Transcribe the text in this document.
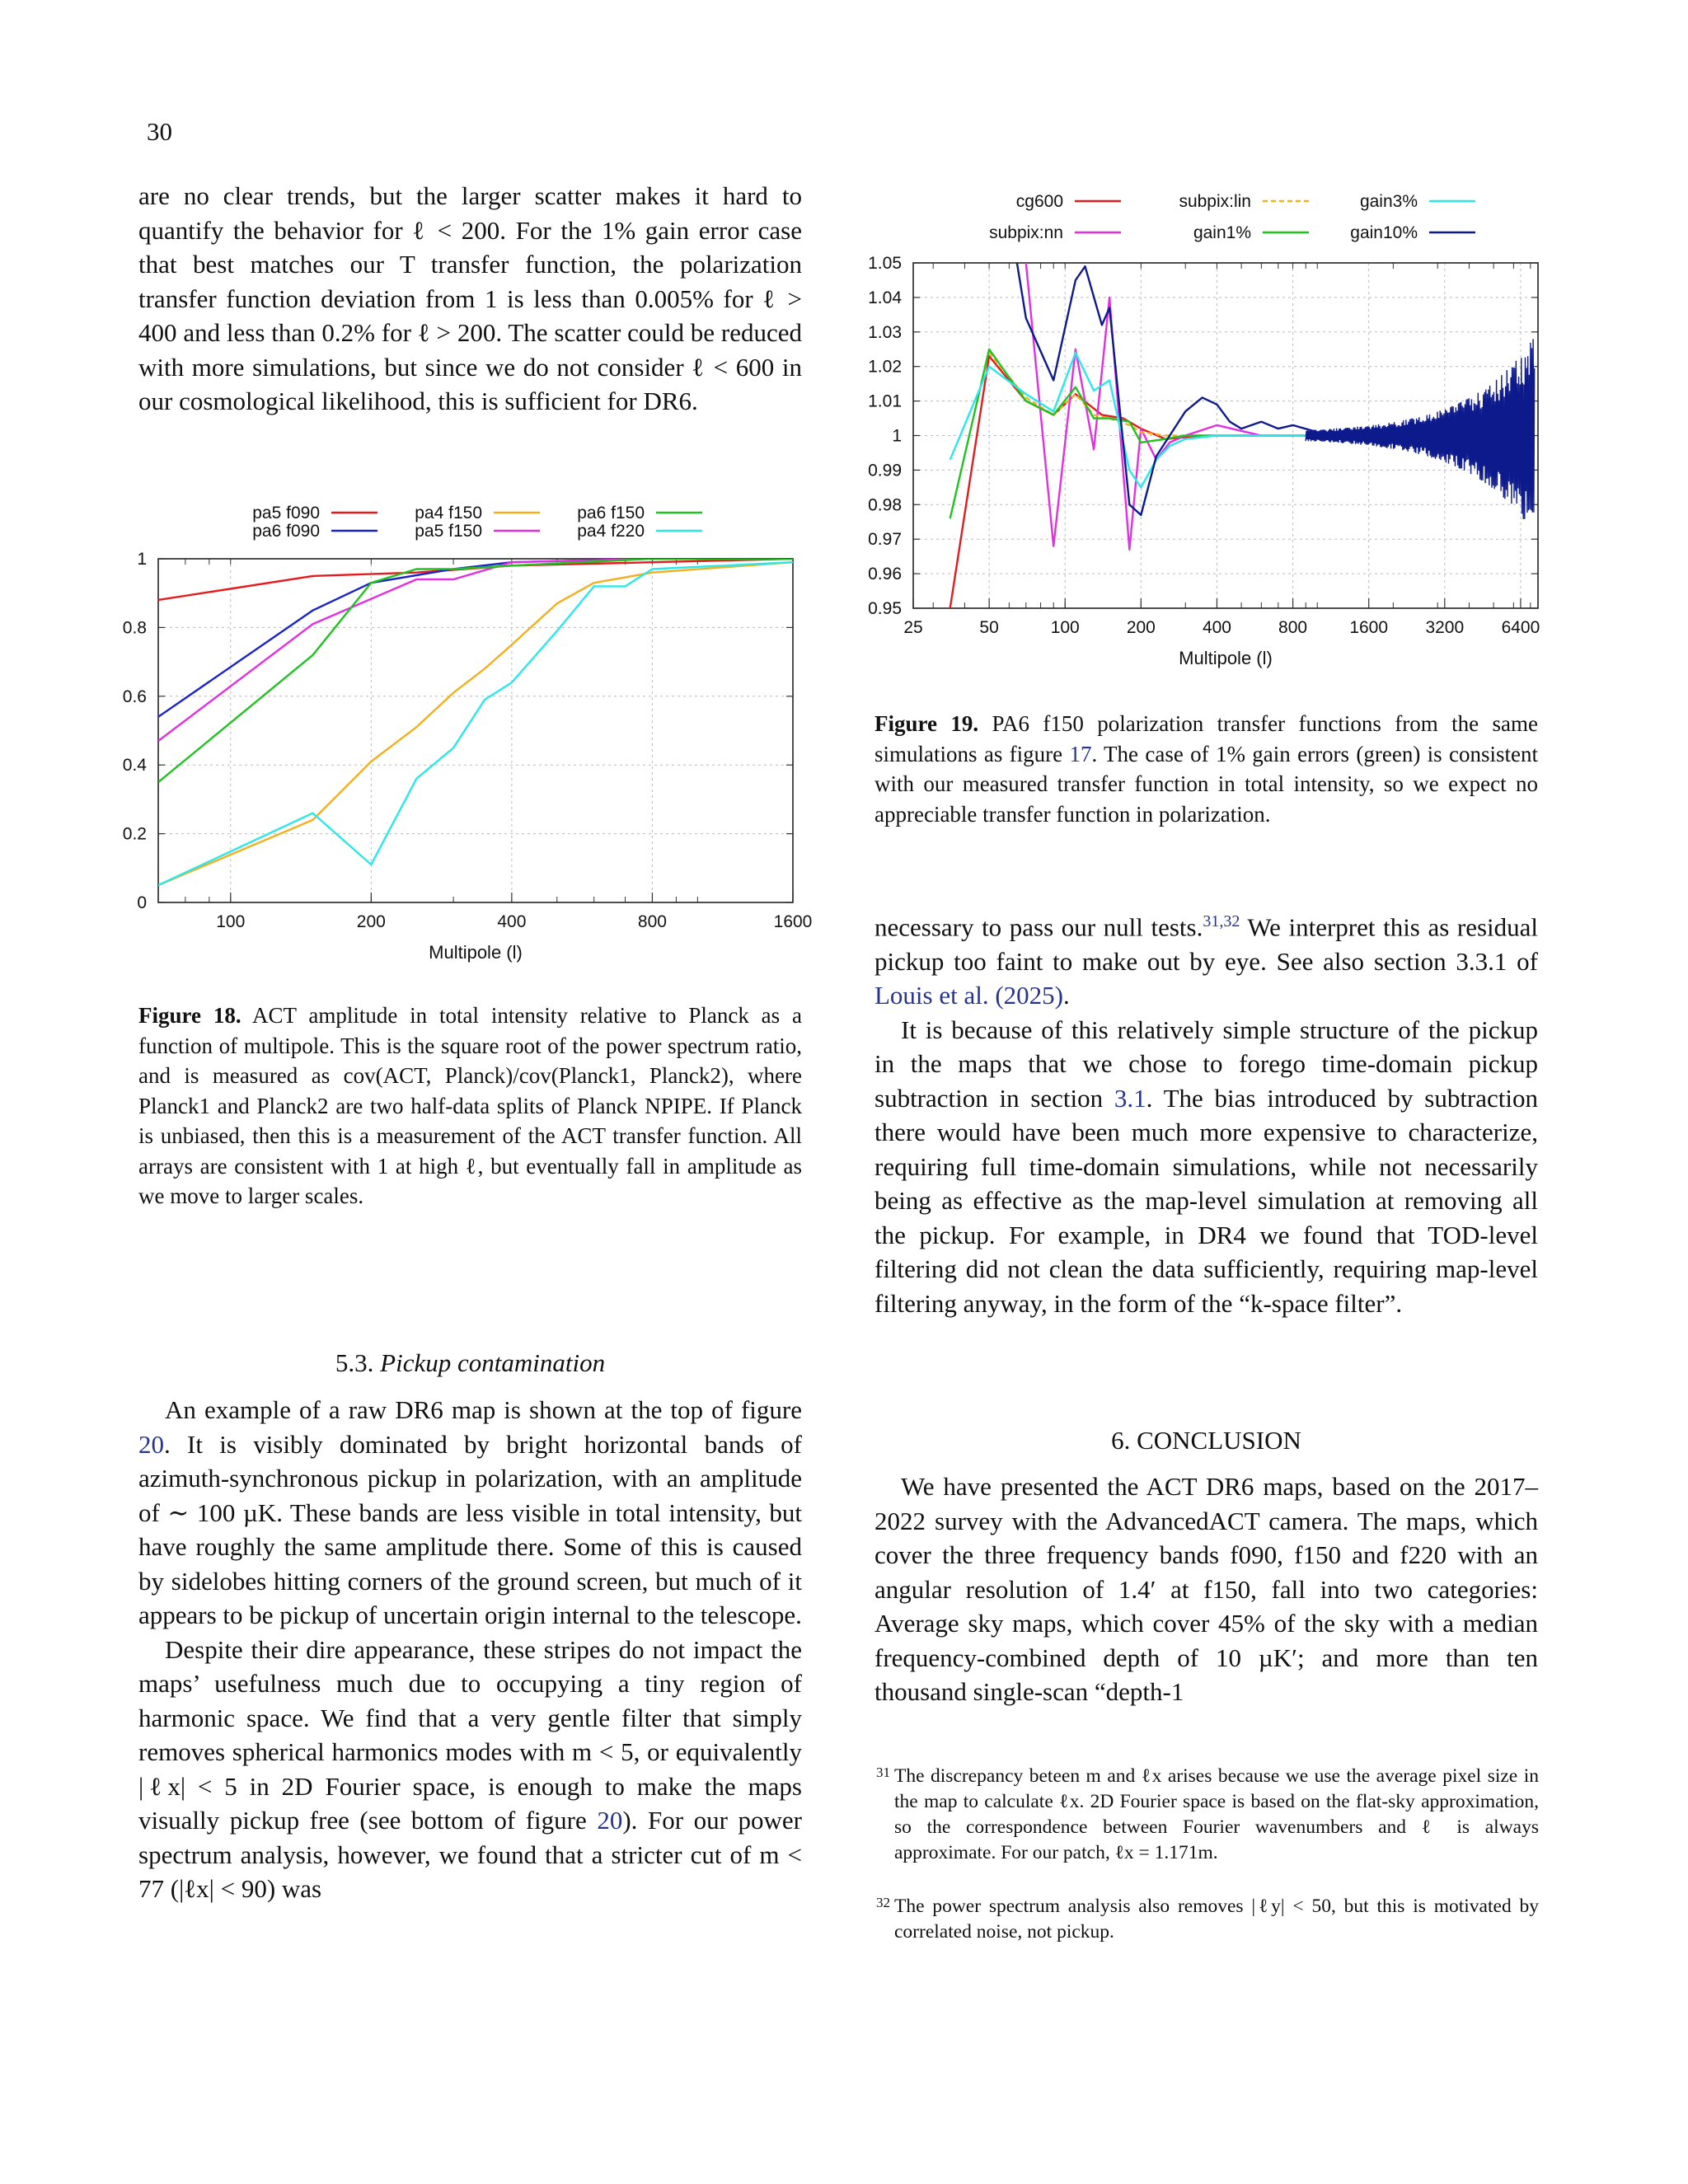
30

are no clear trends, but the larger scatter makes it hard to quantify the behavior for ℓ < 200. For the 1% gain error case that best matches our T transfer function, the polarization transfer function deviation from 1 is less than 0.005% for ℓ > 400 and less than 0.2% for ℓ > 200. The scatter could be reduced with more simulations, but since we do not consider ℓ < 600 in our cosmological likelihood, this is sufficient for DR6.

pa5 f090
pa6 f090
pa4 f150
pa5 f150
pa6 f150
pa4 f220
0
0.2
0.4
0.6
0.8
1
100	200	400	800	1600
Multipole (l)
Figure 18. ACT amplitude in total intensity relative to Planck as a function of multipole. This is the square root of the power spectrum ratio, and is measured as cov(ACT, Planck)/cov(Planck1, Planck2), where Planck1 and Planck2 are two half-data splits of Planck NPIPE. If Planck is unbiased, then this is a measurement of the ACT transfer function. All arrays are consistent with 1 at high ℓ, but eventually fall in amplitude as we move to larger scales.
5.3. Pickup contamination

An example of a raw DR6 map is shown at the top of figure 20. It is visibly dominated by bright horizontal bands of azimuth-synchronous pickup in polarization, with an amplitude of ∼ 100 µK. These bands are less visible in total intensity, but have roughly the same amplitude there. Some of this is caused by sidelobes hitting corners of the ground screen, but much of it appears to be pickup of uncertain origin internal to the telescope.

Despite their dire appearance, these stripes do not impact the maps’ usefulness much due to occupying a tiny region of harmonic space. We find that a very gentle filter that simply removes spherical harmonics modes with m < 5, or equivalently |ℓx| < 5 in 2D Fourier space, is enough to make the maps visually pickup free (see bottom of figure 20). For our power spectrum analysis, however, we found that a stricter cut of m < 77 (|ℓx| < 90) was

cg600
subpix:nn
subpix:lin
gain1%
gain3%
gain10%
0.95
0.96
0.97
0.98
0.99
1
1.01
1.02
1.03
1.04
1.05
25	50	100	200	400	800 1600 3200 6400
Multipole (l)
Figure 19. PA6 f150 polarization transfer functions from the same simulations as figure 17. The case of 1% gain errors (green) is consistent with our measured transfer function in total intensity, so we expect no appreciable transfer function in polarization.

necessary to pass our null tests.$^{31,32}$ We interpret this as residual pickup too faint to make out by eye. See also section 3.3.1 of Louis et al. (2025).

It is because of this relatively simple structure of the pickup in the maps that we chose to forego time-domain pickup subtraction in section 3.1. The bias introduced by subtraction there would have been much more expensive to characterize, requiring full time-domain simulations, while not necessarily being as effective as the map-level simulation at removing all the pickup. For example, in DR4 we found that TOD-level filtering did not clean the data sufficiently, requiring map-level filtering anyway, in the form of the “k-space filter”.

6. CONCLUSION

We have presented the ACT DR6 maps, based on the 2017–2022 survey with the AdvancedACT camera. The maps, which cover the three frequency bands f090, f150 and f220 with an angular resolution of 1.4′ at f150, fall into two categories: Average sky maps, which cover 45% of the sky with a median frequency-combined depth of 10 µK′; and more than ten thousand single-scan “depth-1

31 The discrepancy beteen m and ℓx arises because we use the average pixel size in the map to calculate ℓx. 2D Fourier space is based on the flat-sky approximation, so the correspondence between Fourier wavenumbers and ℓ is always approximate. For our patch, ℓx = 1.171m.
32 The power spectrum analysis also removes |ℓy| < 50, but this is motivated by correlated noise, not pickup.
